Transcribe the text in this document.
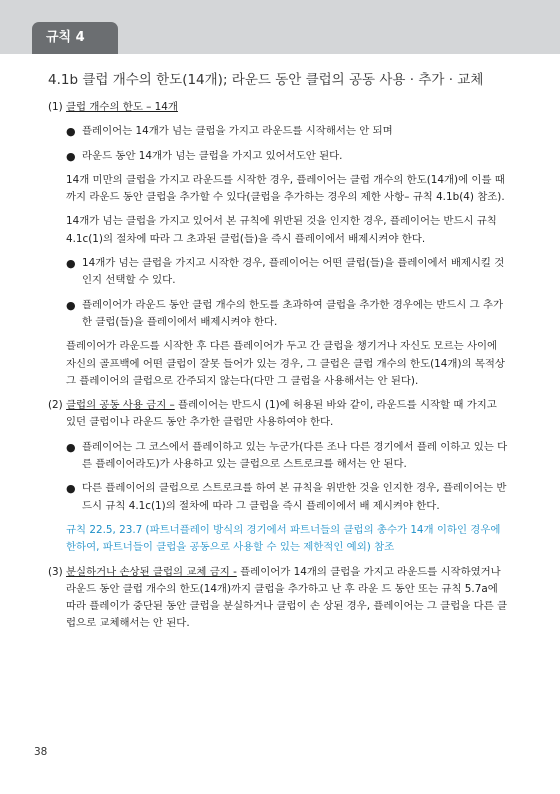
규칙 4
4.1b 클럽 개수의 한도(14개); 라운드 동안 클럽의 공동 사용 · 추가 · 교체
(1) 클럽 개수의 한도 – 14개
● 플레이어는 14개가 넘는 클럽을 가지고 라운드를 시작해서는 안 되며
● 라운드 동안 14개가 넘는 클럽을 가지고 있어서도안 된다.

14개 미만의 클럽을 가지고 라운드를 시작한 경우, 플레이어는 클럽 개수의 한도(14개)에 이를 때까지 라운드 동안 클럽을 추가할 수 있다(클럽을 추가하는 경우의 제한 사항– 규칙 4.1b(4) 참조).

14개가 넘는 클럽을 가지고 있어서 본 규칙에 위반된 것을 인지한 경우, 플레이어는 반드시 규칙 4.1c(1)의 절차에 따라 그 초과된 클럽(들)을 즉시 플레이에서 배제시켜야 한다.

● 14개가 넘는 클럽을 가지고 시작한 경우, 플레이어는 어떤 클럽(들)을 플레이에서 배제시킬 것인지 선택할 수 있다.
● 플레이어가 라운드 동안 클럽 개수의 한도를 초과하여 클럽을 추가한 경우에는 반드시 그 추가한 클럽(들)을 플레이에서 배제시켜야 한다.

플레이어가 라운드를 시작한 후 다른 플레이어가 두고 간 클럽을 챙기거나 자신도 모르는 사이에 자신의 골프백에 어떤 클럽이 잘못 들어가 있는 경우, 그 클럽은 클럽 개수의 한도(14개)의 목적상 그 플레이어의 클럽으로 간주되지 않는다(다만 그 클럽을 사용해서는 안 된다).

(2) 클럽의 공동 사용 금지 – 플레이어는 반드시 (1)에 허용된 바와 같이, 라운드를 시작할 때 가지고 있던 클럽이나 라운드 동안 추가한 클럽만 사용하여야 한다.
● 플레이어는 그 코스에서 플레이하고 있는 누군가(다른 조나 다른 경기에서 플레 이하고 있는 다른 플레이어라도)가 사용하고 있는 클럽으로 스트로크를 해서는 안 된다.
● 다른 플레이어의 클럽으로 스트로크를 하여 본 규칙을 위반한 것을 인지한 경우, 플레이어는 반드시 규칙 4.1c(1)의 절차에 따라 그 클럽을 즉시 플레이에서 배 제시켜야 한다.

규칙 22.5, 23.7 (파트너플레이 방식의 경기에서 파트너들의 클럽의 총수가 14개 이하인 경우에 한하여, 파트너들이 클럽을 공동으로 사용할 수 있는 제한적인 예외) 참조

(3) 분실하거나 손상된 클럽의 교체 금지 - 플레이어가 14개의 클럽을 가지고 라운드를 시작하였거나 라운드 동안 클럽 개수의 한도(14개)까지 클럽을 추가하고 난 후 라운 드 동안 또는 규칙 5.7a에 따라 플레이가 중단된 동안 클럽을 분실하거나 클럽이 손 상된 경우, 플레이어는 그 클럽을 다른 클럽으로 교체해서는 안 된다.
38
